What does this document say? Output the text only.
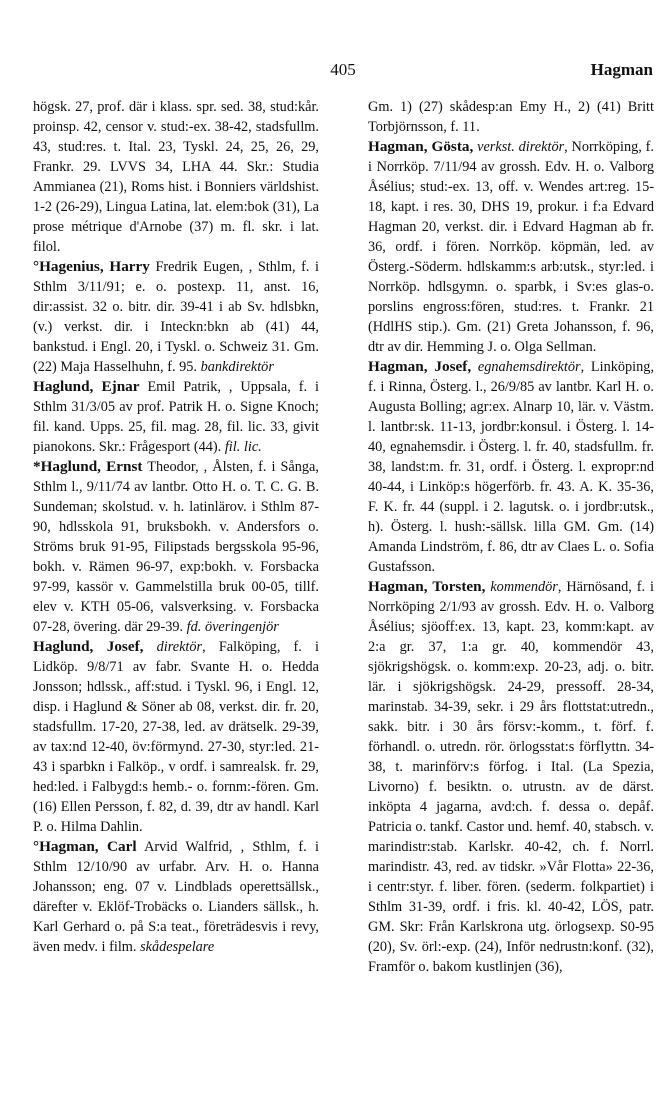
405	Hagman

högsk. 27, prof. där i klass. spr. sed. 38, stud:kår. proinsp. 42, censor v. stud:-ex. 38-42, stadsfullm. 43, stud:res. t. Ital. 23, Tyskl. 24, 25, 26, 29, Frankr. 29. LVVS 34, LHA 44. Skr.: Studia Ammianea (21), Roms hist. i Bonniers världshist. 1-2 (26-29), Lingua Latina, lat. elem:bok (31), La prose métrique d'Arnobe (37) m. fl. skr. i lat. filol.

°Hagenius, Harry Fredrik Eugen, , Sthlm, f. i Sthlm 3/11/91; e. o. postexp. 11, anst. 16, dir:assist. 32 o. bitr. dir. 39-41 i ab Sv. hdlsbkn, (v.) verkst. dir. i Inteckn:bkn ab (41) 44, bankstud. i Engl. 20, i Tyskl. o. Schweiz 31. Gm. (22) Maja Hasselhuhn, f. 95. bankdirektör

Haglund, Ejnar Emil Patrik, , Uppsala, f. i Sthlm 31/3/05 av prof. Patrik H. o. Signe Knoch; fil. kand. Upps. 25, fil. mag. 28, fil. lic. 33, givit pianokons. Skr.: Frågesport (44). fil. lic.

*Haglund, Ernst Theodor, , Ålsten, f. i Sånga, Sthlm l., 9/11/74 av lantbr. Otto H. o. T. C. G. B. Sundeman; skolstud. v. h. latinlärov. i Sthlm 87-90, hdlsskola 91, bruksbokh. v. Andersfors o. Ströms bruk 91-95, Filipstads bergsskola 95-96, bokh. v. Rämen 96-97, exp:bokh. v. Forsbacka 97-99, kassör v. Gammelstilla bruk 00-05, tillf. elev v. KTH 05-06, valsverksing. v. Forsbacka 07-28, övering. där 29-39. fd. överingenjör

Haglund, Josef, direktör, Falköping, f. i Lidköp. 9/8/71 av fabr. Svante H. o. Hedda Jonsson; hdlssk., aff:stud. i Tyskl. 96, i Engl. 12, disp. i Haglund & Söner ab 08, verkst. dir. fr. 20, stadsfullm. 17-20, 27-38, led. av drätselk. 29-39, av tax:nd 12-40, öv:förmynd. 27-30, styr:led. 21-43 i sparbkn i Falköp., v ordf. i samrealsk. fr. 29, hed:led. i Falbygd:s hemb.- o. fornm:-fören. Gm. (16) Ellen Persson, f. 82, d. 39, dtr av handl. Karl P. o. Hilma Dahlin.

°Hagman, Carl Arvid Walfrid, , Sthlm, f. i Sthlm 12/10/90 av urfabr. Arv. H. o. Hanna Johansson; eng. 07 v. Lindblads operettsällsk., därefter v. Eklöf-Trobäcks o. Lianders sällsk., h. Karl Gerhard o. på S:a teat., företrädesvis i revy, även medv. i film. skådespelare

Gm. 1) (27) skådesp:an Emy H., 2) (41) Britt Torbjörnsson, f. 11.

Hagman, Gösta, verkst. direktör, Norrköping, f. i Norrköp. 7/11/94 av grossh. Edv. H. o. Valborg Åsélius; stud:-ex. 13, off. v. Wendes art:reg. 15-18, kapt. i res. 30, DHS 19, prokur. i f:a Edvard Hagman 20, verkst. dir. i Edvard Hagman ab fr. 36, ordf. i fören. Norrköp. köpmän, led. av Österg.-Söderm. hdlskamm:s arb:utsk., styr:led. i Norrköp. hdlsgymn. o. sparbk, i Sv:es glas-o. porslins engross:fören, stud:res. t. Frankr. 21 (HdlHS stip.). Gm. (21) Greta Johansson, f. 96, dtr av dir. Hemming J. o. Olga Sellman.

Hagman, Josef, egnahemsdirektör, Linköping, f. i Rinna, Österg. l., 26/9/85 av lantbr. Karl H. o. Augusta Bolling; agr:ex. Alnarp 10, lär. v. Västm. l. lantbr:sk. 11-13, jordbr:konsul. i Österg. l. 14-40, egnahemsdir. i Österg. l. fr. 40, stadsfullm. fr. 38, landst:m. fr. 31, ordf. i Österg. l. expropr:nd 40-44, i Linköp:s högerförb. fr. 43. A. K. 35-36, F. K. fr. 44 (suppl. i 2. lagutsk. o. i jordbr:utsk., h). Österg. l. hush:-sällsk. lilla GM. Gm. (14) Amanda Lindström, f. 86, dtr av Claes L. o. Sofia Gustafsson.

Hagman, Torsten, kommendör, Härnösand, f. i Norrköping 2/1/93 av grossh. Edv. H. o. Valborg Åsélius; sjöoff:ex. 13, kapt. 23, komm:kapt. av 2:a gr. 37, 1:a gr. 40, kommendör 43, sjökrigshögsk. o. komm:exp. 20-23, adj. o. bitr. lär. i sjökrigshögsk. 24-29, pressoff. 28-34, marinstab. 34-39, sekr. i 29 års flottstat:utredn., sakk. bitr. i 30 års försv:-komm., t. förf. f. förhandl. o. utredn. rör. örlogsstat:s förflyttn. 34-38, t. marinförv:s förfog. i Ital. (La Spezia, Livorno) f. besiktn. o. utrustn. av de därst. inköpta 4 jagarna, avd:ch. f. dessa o. depåf. Patricia o. tankf. Castor und. hemf. 40, stabsch. v. marindistr:stab. Karlskr. 40-42, ch. f. Norrl. marindistr. 43, red. av tidskr. »Vår Flotta» 22-36, i centr:styr. f. liber. fören. (sederm. folkpartiet) i Sthlm 31-39, ordf. i fris. kl. 40-42, LÖS, patr. GM. Skr: Från Karlskrona utg. örlogsexp. S0-95 (20), Sv. örl:-exp. (24), Inför nedrustn:konf. (32), Framför o. bakom kustlinjen (36),
